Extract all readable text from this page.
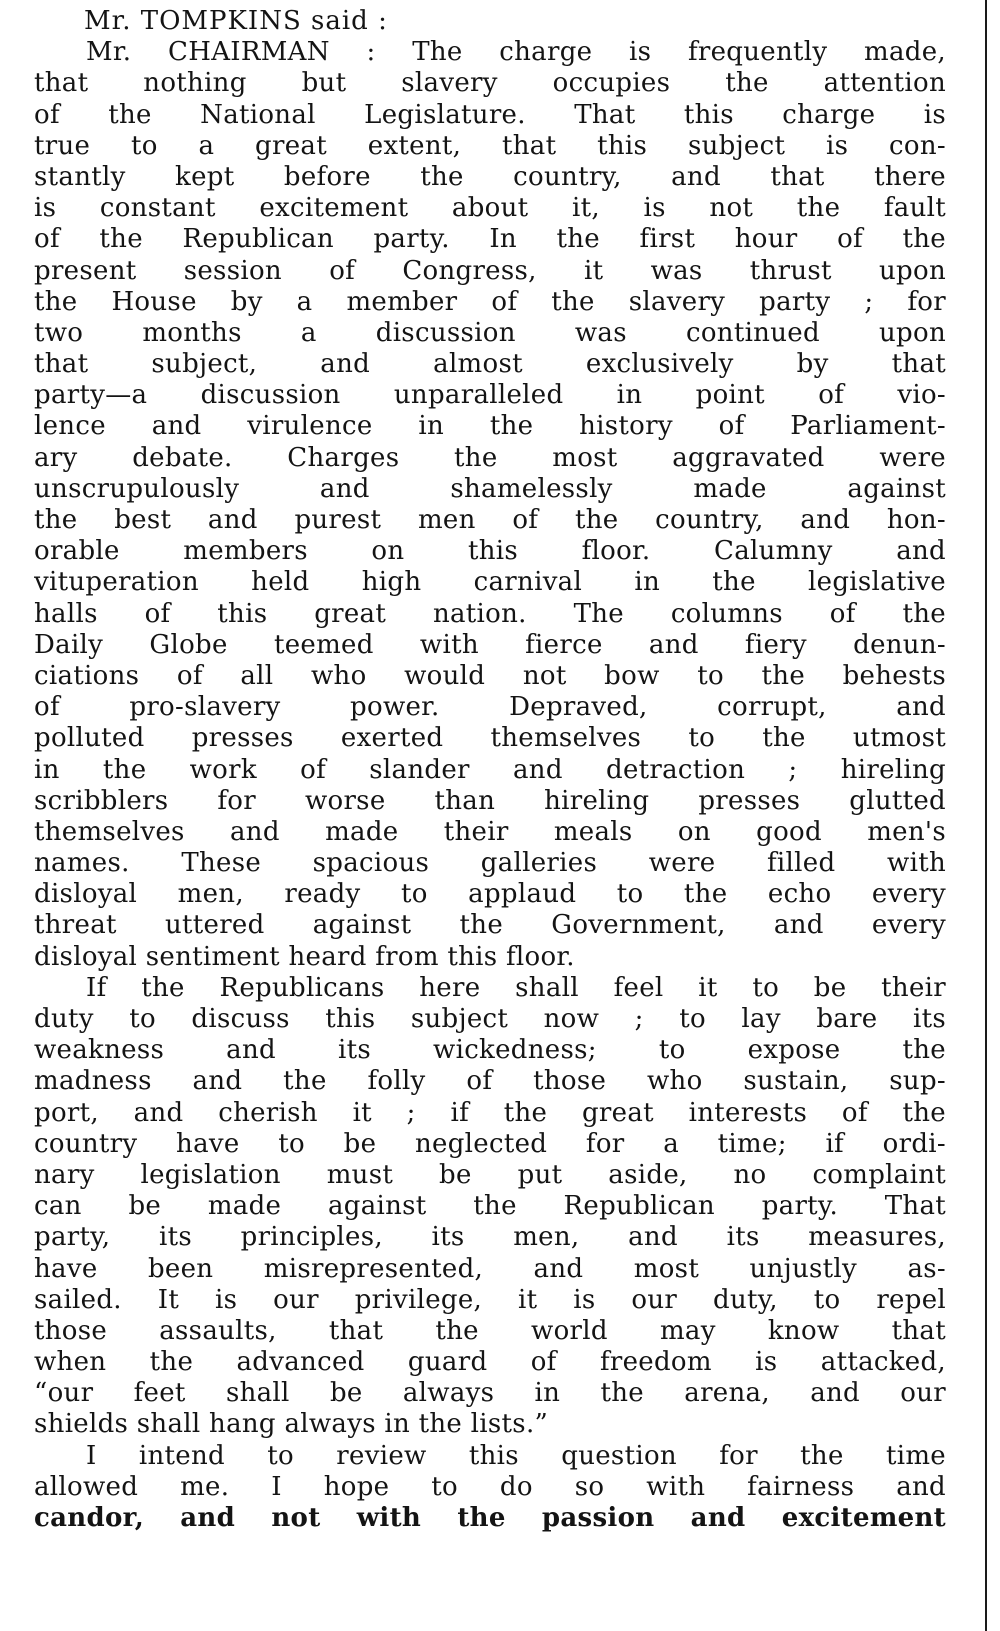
Mr. TOMPKINS said :
Mr. CHAIRMAN : The charge is frequently made,
that nothing but slavery occupies the attention
of the National Legislature. That this charge is
true to a great extent, that this subject is con-
stantly kept before the country, and that there
is constant excitement about it, is not the fault
of the Republican party. In the first hour of the
present session of Congress, it was thrust upon
the House by a member of the slavery party ; for
two months a discussion was continued upon
that subject, and almost exclusively by that
party—a discussion unparalleled in point of vio-
lence and virulence in the history of Parliament-
ary debate. Charges the most aggravated were
unscrupulously and shamelessly made against
the best and purest men of the country, and hon-
orable members on this floor. Calumny and
vituperation held high carnival in the legislative
halls of this great nation. The columns of the
Daily Globe teemed with fierce and fiery denun-
ciations of all who would not bow to the behests
of pro-slavery power. Depraved, corrupt, and
polluted presses exerted themselves to the utmost
in the work of slander and detraction ; hireling
scribblers for worse than hireling presses glutted
themselves and made their meals on good men's
names. These spacious galleries were filled with
disloyal men, ready to applaud to the echo every
threat uttered against the Government, and every
disloyal sentiment heard from this floor.
If the Republicans here shall feel it to be their
duty to discuss this subject now ; to lay bare its
weakness and its wickedness; to expose the
madness and the folly of those who sustain, sup-
port, and cherish it ; if the great interests of the
country have to be neglected for a time; if ordi-
nary legislation must be put aside, no complaint
can be made against the Republican party. That
party, its principles, its men, and its measures,
have been misrepresented, and most unjustly as-
sailed. It is our privilege, it is our duty, to repel
those assaults, that the world may know that
when the advanced guard of freedom is attacked,
“our feet shall be always in the arena, and our
shields shall hang always in the lists.”
I intend to review this question for the time
allowed me. I hope to do so with fairness and
candor, and not with the passion and excitement
